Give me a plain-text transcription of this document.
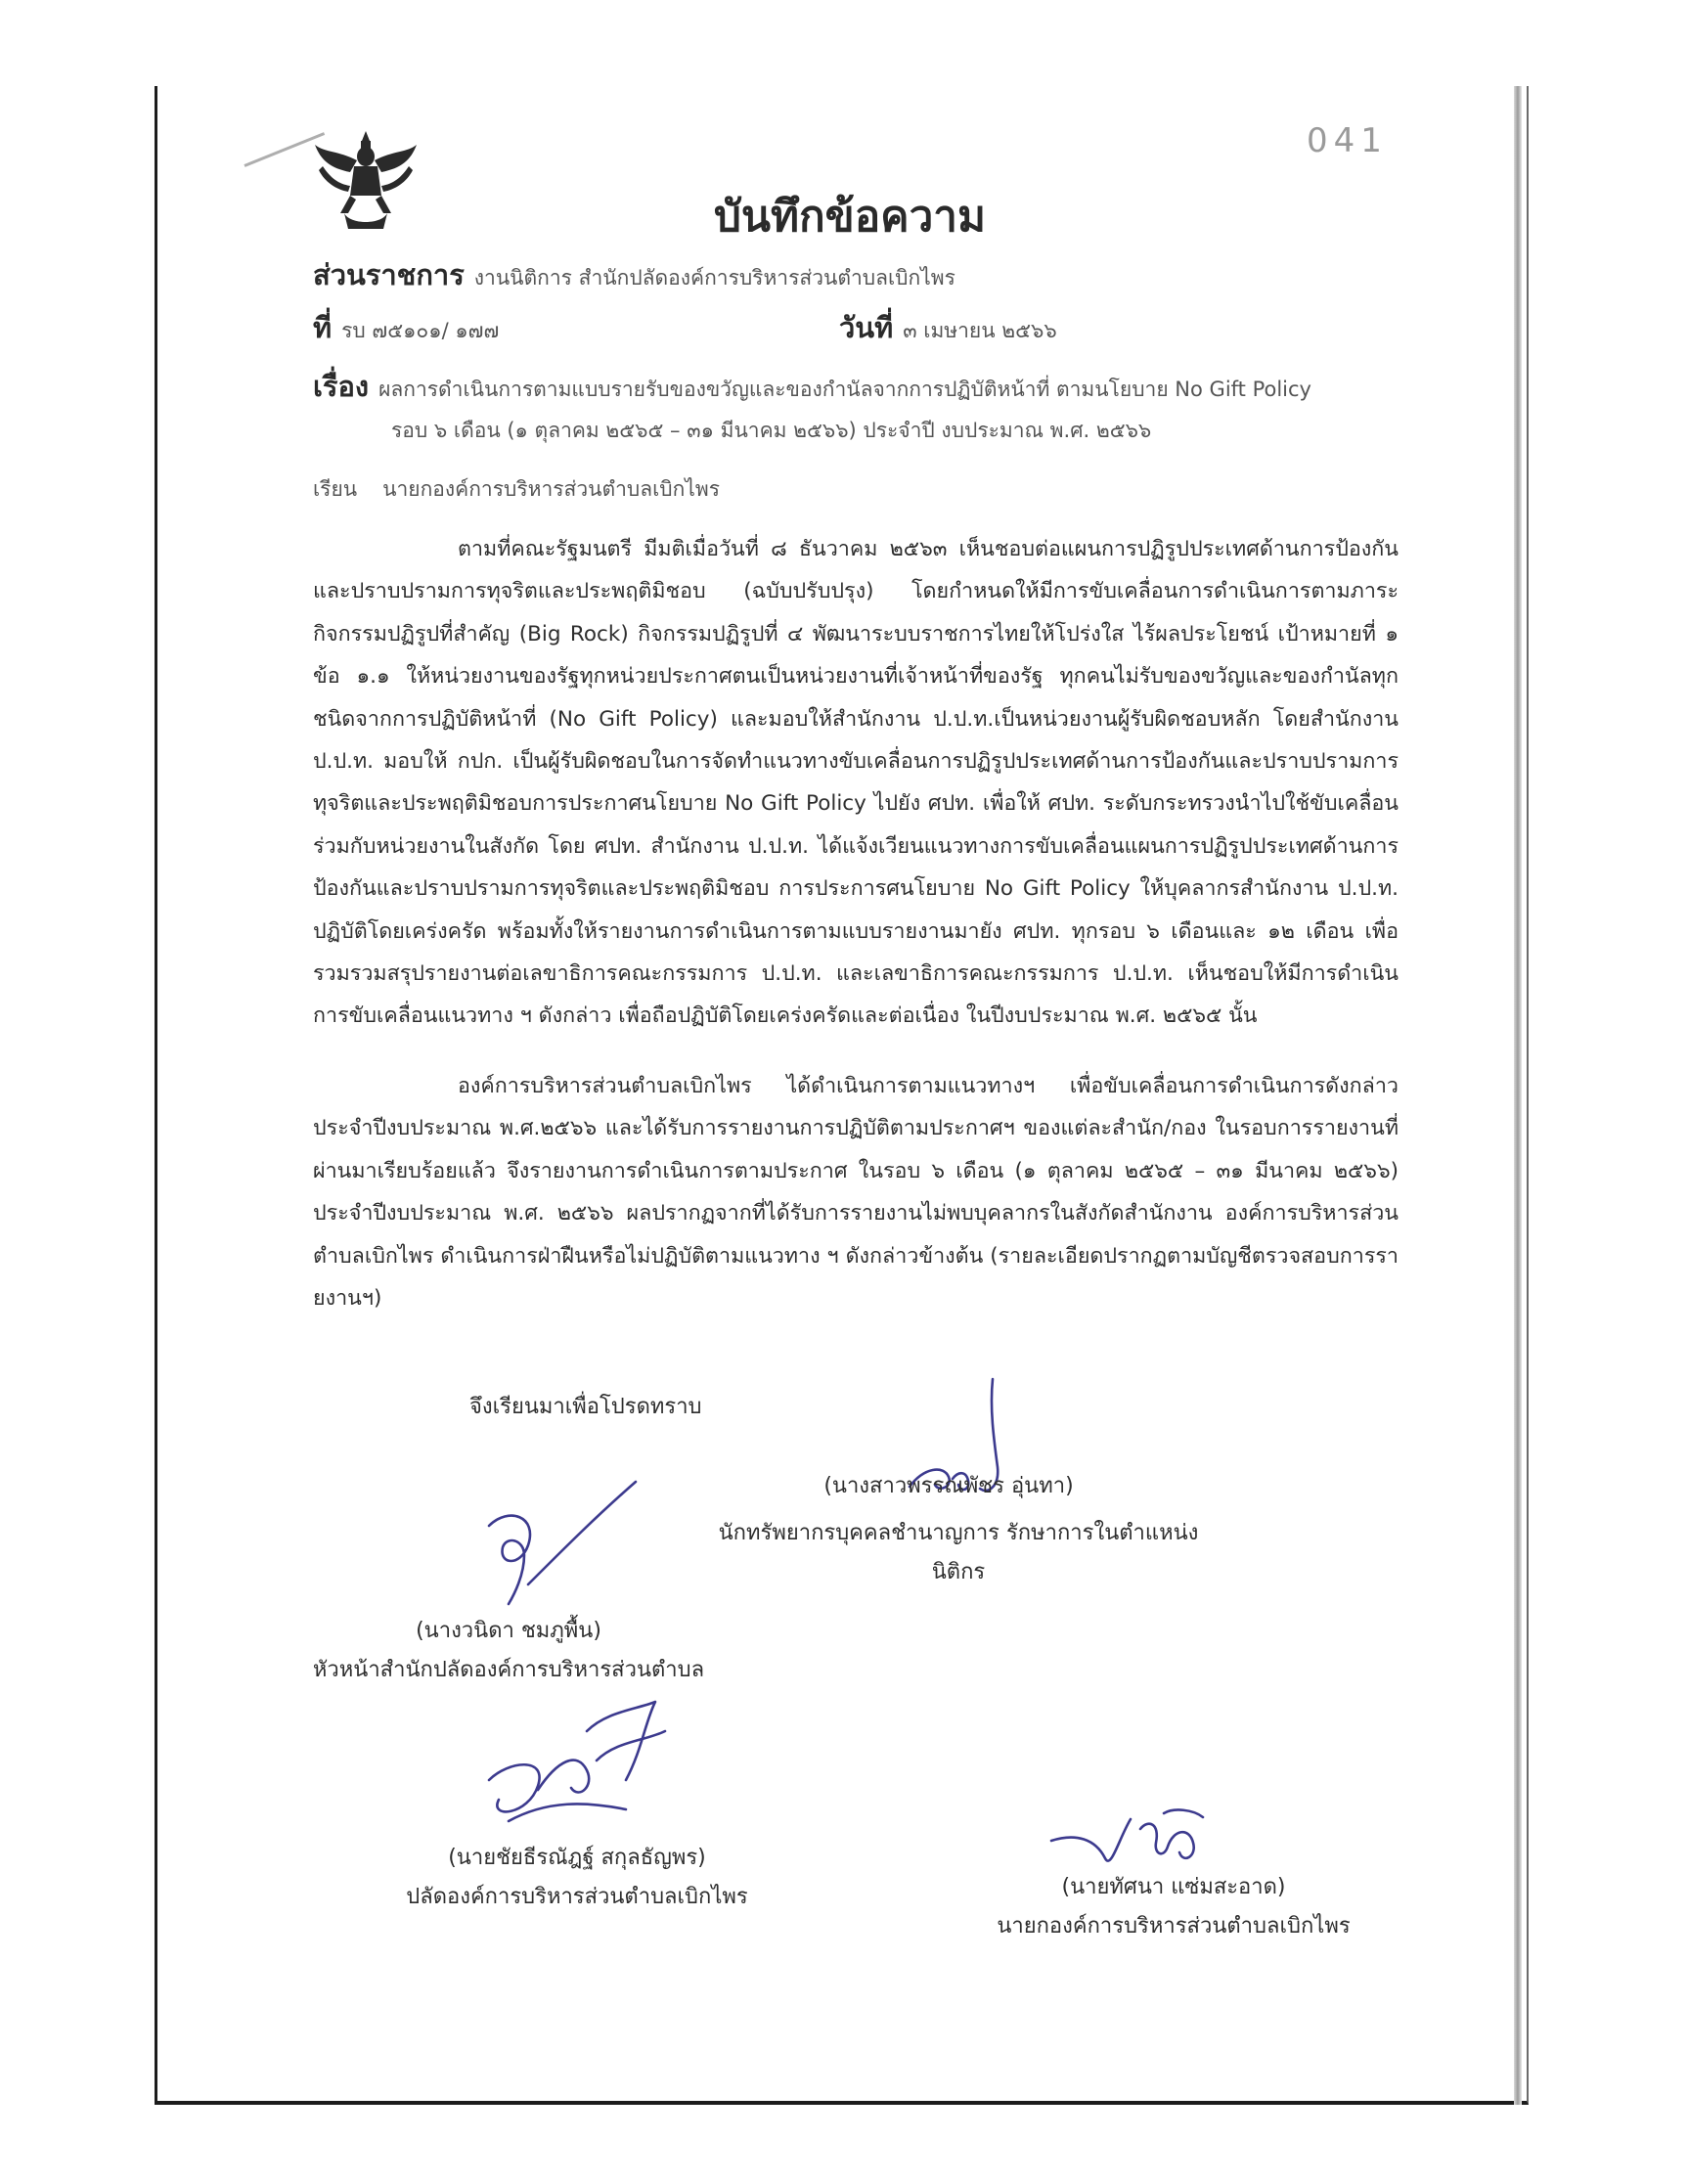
041
บันทึกข้อความ
ส่วนราชการ งานนิติการ สำนักปลัดองค์การบริหารส่วนตำบลเบิกไพร
ที่ รบ ๗๕๑๐๑/ ๑๗๗	วันที่ ๓ เมษายน ๒๕๖๖
เรื่อง ผลการดำเนินการตามแบบรายรับของขวัญและของกำนัลจากการปฏิบัติหน้าที่ ตามนโยบาย No Gift Policy
รอบ ๖ เดือน (๑ ตุลาคม ๒๕๖๕ – ๓๑ มีนาคม ๒๕๖๖) ประจำปี งบประมาณ พ.ศ. ๒๕๖๖
เรียน นายกองค์การบริหารส่วนตำบลเบิกไพร

ตามที่คณะรัฐมนตรี มีมติเมื่อวันที่ ๘ ธันวาคม ๒๕๖๓ เห็นชอบต่อแผนการปฏิรูปประเทศด้านการป้องกันและปราบปรามการทุจริตและประพฤติมิชอบ (ฉบับปรับปรุง) โดยกำหนดให้มีการขับเคลื่อนการดำเนินการตามภาระกิจกรรมปฏิรูปที่สำคัญ (Big Rock) กิจกรรมปฏิรูปที่ ๔ พัฒนาระบบราชการไทยให้โปร่งใส ไร้ผลประโยชน์ เป้าหมายที่ ๑ ข้อ ๑.๑ ให้หน่วยงานของรัฐทุกหน่วยประกาศตนเป็นหน่วยงานที่เจ้าหน้าที่ของรัฐ ทุกคนไม่รับของขวัญและของกำนัลทุกชนิดจากการปฏิบัติหน้าที่ (No Gift Policy) และมอบให้สำนักงาน ป.ป.ท.เป็นหน่วยงานผู้รับผิดชอบหลัก โดยสำนักงาน ป.ป.ท. มอบให้ กปก. เป็นผู้รับผิดชอบในการจัดทำแนวทางขับเคลื่อนการปฏิรูปประเทศด้านการป้องกันและปราบปรามการทุจริตและประพฤติมิชอบการประกาศนโยบาย No Gift Policy ไปยัง ศปท. เพื่อให้ ศปท. ระดับกระทรวงนำไปใช้ขับเคลื่อนร่วมกับหน่วยงานในสังกัด โดย ศปท. สำนักงาน ป.ป.ท. ได้แจ้งเวียนแนวทางการขับเคลื่อนแผนการปฏิรูปประเทศด้านการป้องกันและปราบปรามการทุจริตและประพฤติมิชอบ การประการศนโยบาย No Gift Policy ให้บุคลากรสำนักงาน ป.ป.ท. ปฏิบัติโดยเคร่งครัด พร้อมทั้งให้รายงานการดำเนินการตามแบบรายงานมายัง ศปท. ทุกรอบ ๖ เดือนและ ๑๒ เดือน เพื่อรวมรวมสรุปรายงานต่อเลขาธิการคณะกรรมการ ป.ป.ท. และเลขาธิการคณะกรรมการ ป.ป.ท. เห็นชอบให้มีการดำเนินการขับเคลื่อนแนวทาง ฯ ดังกล่าว เพื่อถือปฏิบัติโดยเคร่งครัดและต่อเนื่อง ในปีงบประมาณ พ.ศ. ๒๕๖๕ นั้น

องค์การบริหารส่วนตำบลเบิกไพร ได้ดำเนินการตามแนวทางฯ เพื่อขับเคลื่อนการดำเนินการดังกล่าว ประจำปีงบประมาณ พ.ศ.๒๕๖๖ และได้รับการรายงานการปฏิบัติตามประกาศฯ ของแต่ละสำนัก/กอง ในรอบการรายงานที่ผ่านมาเรียบร้อยแล้ว จึงรายงานการดำเนินการตามประกาศ ในรอบ ๖ เดือน (๑ ตุลาคม ๒๕๖๕ – ๓๑ มีนาคม ๒๕๖๖) ประจำปีงบประมาณ พ.ศ. ๒๕๖๖ ผลปรากฏจากที่ได้รับการรายงานไม่พบบุคลากรในสังกัดสำนักงาน องค์การบริหารส่วนตำบลเบิกไพร ดำเนินการฝ่าฝืนหรือไม่ปฏิบัติตามแนวทาง ฯ ดังกล่าวข้างต้น (รายละเอียดปรากฏตามบัญชีตรวจสอบการรายงานฯ)

จึงเรียนมาเพื่อโปรดทราบ
(นางสาวพรรณพัชร อุ่นทา)
นักทรัพยากรบุคคลชำนาญการ รักษาการในตำแหน่ง
นิติกร
(นางวนิดา ชมภูพื้น)
หัวหน้าสำนักปลัดองค์การบริหารส่วนตำบล
(นายชัยธีรณัฎฐ์ สกุลธัญพร)
ปลัดองค์การบริหารส่วนตำบลเบิกไพร	(นายทัศนา แซ่มสะอาด)
นายกองค์การบริหารส่วนตำบลเบิกไพร
